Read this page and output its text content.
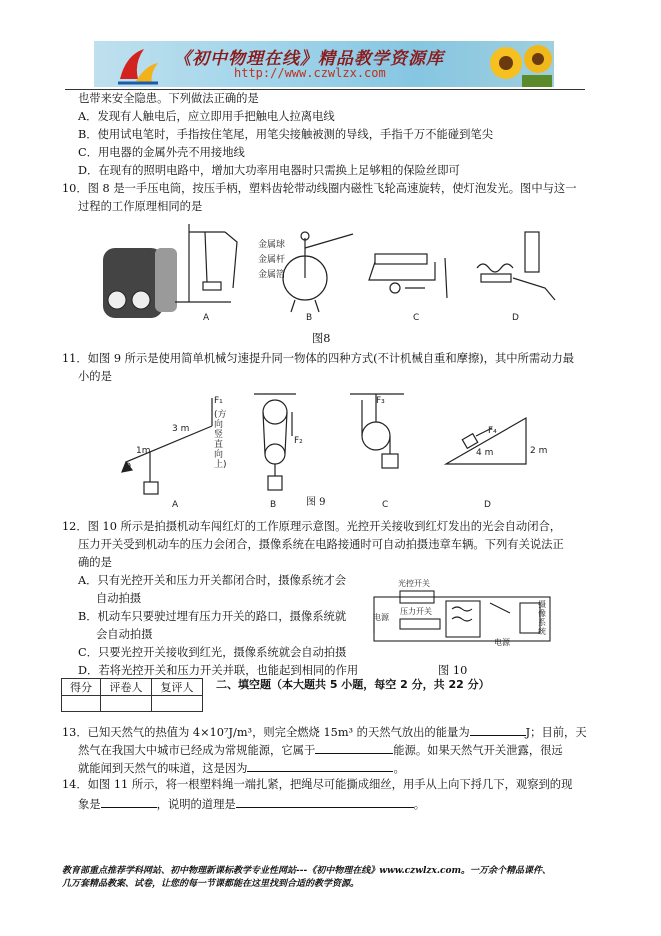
《初中物理在线》精品教学资源库
http://www.czwlzx.com
也带来安全隐患。下列做法正确的是
A．发现有人触电后，应立即用手把触电人拉离电线
B．使用试电笔时，手指按住笔尾，用笔尖接触被测的导线，手指千万不能碰到笔尖
C．用电器的金属外壳不用接地线
D．在现有的照明电路中，增加大功率用电器时只需换上足够粗的保险丝即可
10．图 8 是一手压电筒，按压手柄，塑料齿轮带动线圈内磁性飞轮高速旋转，使灯泡发光。图中与这一
过程的工作原理相同的是
A	B	C	D
金属球
金属杆
金属箔
图8
11．如图 9 所示是使用简单机械匀速提升同一物体的四种方式(不计机械自重和摩擦)，其中所需动力最
小的是
F₁
(方向竖直向上)
3 m
1m
O
F₂
F₃
F₄
4 m	2 m
A	B	C	D
图 9
12．图 10 所示是拍摄机动车闯红灯的工作原理示意图。光控开关接收到红灯发出的光会自动闭合，
压力开关受到机动车的压力会闭合，摄像系统在电路接通时可自动拍摄违章车辆。下列有关说法正
确的是
A．只有光控开关和压力开关都闭合时，摄像系统才会
自动拍摄
B．机动车只要驶过埋有压力开关的路口，摄像系统就
会自动拍摄
C．只要光控开关接收到红光，摄像系统就会自动拍摄
D．若将光控开关和压力开关并联，也能起到相同的作用
光控开关
压力开关
电源
摄像系统
电源
图 10
得分	评卷人	复评人
		二、填空题（本大题共 5 小题，每空 2 分，共 22 分）
13．已知天然气的热值为 4×10⁷J/m³，则完全燃烧 15m³ 的天然气放出的能量为	J；目前，天
然气在我国大中城市已经成为常规能源，它属于	能源。如果天然气开关泄露，很远
就能闻到天然气的味道，这是因为	。
14．如图 11 所示，将一根塑料绳一端扎紧，把绳尽可能撕成细丝，用手从上向下捋几下，观察到的现
象是	，说明的道理是	。
教育部重点推荐学科网站、初中物理新课标教学专业性网站---《初中物理在线》www.czwlzx.com。一万余个精品课件、
几万套精品教案、试卷，让您的每一节课都能在这里找到合适的教学资源。
